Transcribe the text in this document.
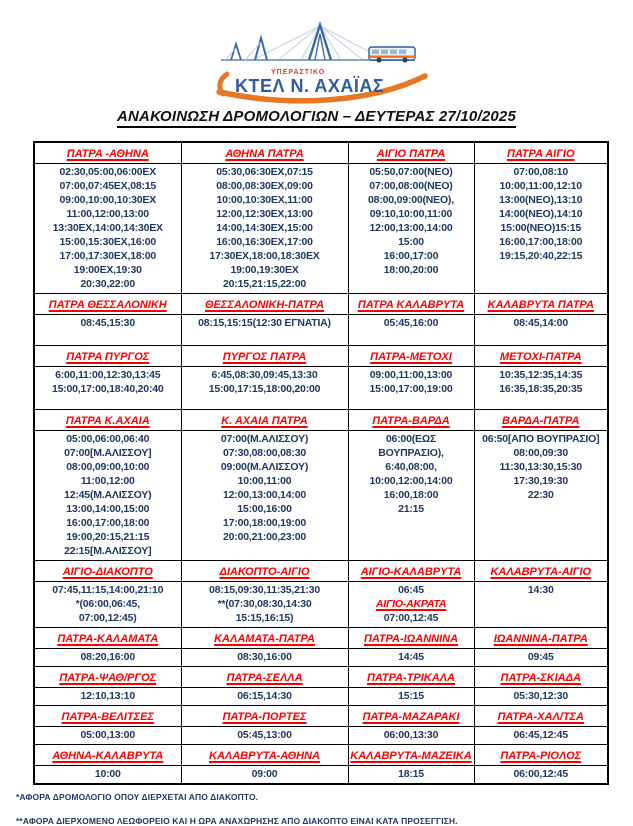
ΥΠΕΡΑΣΤΙΚΟ
ΚΤΕΛ Ν. ΑΧΑΪΑΣ
ΑΝΑΚΟΙΝΩΣΗ ΔΡΟΜΟΛΟΓΙΩΝ – ΔΕΥΤΕΡΑΣ 27/10/2025
ΠΑΤΡΑ -ΑΘΗΝΑ	ΑΘΗΝΑ ΠΑΤΡΑ	ΑΙΓΙΟ ΠΑΤΡΑ	ΠΑΤΡΑ ΑΙΓΙΟ

02:30,05:00,06:00EX
07:00,07:45EX,08:15
09:00,10:00,10:30EX
11:00,12:00,13:00
13:30EX,14:00,14:30EX
15:00,15:30EX,16:00
17:00,17:30EX,18:00
19:00EX,19:30
20:30,22:00

05:30,06:30EX,07:15
08:00,08:30EX,09:00
10:00,10:30EX,11:00
12:00,12:30EX,13:00
14:00,14:30EX,15:00
16:00,16:30EX,17:00
17:30EX,18:00,18:30EX
19:00,19:30EX
20:15,21:15,22:00

05:50,07:00(ΝΕΟ)
07:00,08:00(ΝΕΟ)
08:00,09:00(ΝΕΟ),
09:10,10:00,11:00
12:00,13:00,14:00
15:00
16:00,17:00
18:00,20:00

07:00,08:10
10:00,11:00,12:10
13:00(ΝΕΟ),13:10
14:00(ΝΕΟ),14:10
15:00(ΝΕΟ)15:15
16:00,17:00,18:00
19:15,20:40,22:15

ΠΑΤΡΑ ΘΕΣΣΑΛΟΝΙΚΗ	ΘΕΣΣΑΛΟΝΙΚΗ-ΠΑΤΡΑ	ΠΑΤΡΑ ΚΑΛΑΒΡΥΤΑ	ΚΑΛΑΒΡΥΤΑ ΠΑΤΡΑ

08:45,15:30	08:15,15:15(12:30 ΕΓΝΑΤΙΑ)	05:45,16:00	08:45,14:00

ΠΑΤΡΑ ΠΥΡΓΟΣ	ΠΥΡΓΟΣ ΠΑΤΡΑ	ΠΑΤΡΑ-ΜΕΤΟΧΙ	ΜΕΤΟΧΙ-ΠΑΤΡΑ

6:00,11:00,12:30,13:45
15:00,17:00,18:40,20:40

6:45,08:30,09:45,13:30
15:00,17:15,18:00,20:00

09:00,11:00,13:00
15:00,17:00,19:00

10:35,12:35,14:35
16:35,18:35,20:35

ΠΑΤΡΑ Κ.ΑΧΑΙΑ	Κ. ΑΧΑΙΑ ΠΑΤΡΑ	ΠΑΤΡΑ-ΒΑΡΔΑ	ΒΑΡΔΑ-ΠΑΤΡΑ

05:00,06:00,06:40
07:00[Μ.ΑΛΙΣΣΟΥ]
08:00,09:00,10:00
11:00,12:00
12:45(Μ.ΑΛΙΣΣΟΥ)
13:00,14:00,15:00
16:00,17:00,18:00
19:00,20:15,21:15
22:15[Μ.ΑΛΙΣΣΟΥ]

07:00(Μ.ΑΛΙΣΣΟΥ)
07:30,08:00,08:30
09:00(Μ.ΑΛΙΣΣΟΥ)
10:00,11:00
12:00,13:00,14:00
15:00,16:00
17:00,18:00,19:00
20:00,21:00,23:00

06:00(ΕΩΣ
ΒΟΥΠΡΑΣΙΟ),
6:40,08:00,
10:00,12:00,14:00
16:00,18:00
21:15

06:50[ΑΠΟ ΒΟΥΠΡΑΣΙΟ]
08:00,09:30
11:30,13:30,15:30
17:30,19:30
22:30

ΑΙΓΙΟ-ΔΙΑΚΟΠΤΟ	ΔΙΑΚΟΠΤΟ-ΑΙΓΙΟ	ΑΙΓΙΟ-ΚΑΛΑΒΡΥΤΑ	ΚΑΛΑΒΡΥΤΑ-ΑΙΓΙΟ

07:45,11:15,14:00,21:10
*(06:00,06:45,
07:00,12:45)

08:15,09:30,11:35,21:30
**(07:30,08:30,14:30
15:15,16:15)

06:45
ΑΙΓΙΟ-ΑΚΡΑΤΑ
07:00,12:45

14:30

ΠΑΤΡΑ-ΚΑΛΑΜΑΤΑ	ΚΑΛΑΜΑΤΑ-ΠΑΤΡΑ	ΠΑΤΡΑ-ΙΩΑΝΝΙΝΑ	ΙΩΑΝΝΙΝΑ-ΠΑΤΡΑ

08:20,16:00	08:30,16:00	14:45	09:45

ΠΑΤΡΑ-ΨΑΘ/ΡΓΟΣ	ΠΑΤΡΑ-ΣΕΛΛΑ	ΠΑΤΡΑ-ΤΡΙΚΑΛΑ	ΠΑΤΡΑ-ΣΚΙΑΔΑ

12:10,13:10	06:15,14:30	15:15	05:30,12:30

ΠΑΤΡΑ-ΒΕΛΙΤΣΕΣ	ΠΑΤΡΑ-ΠΟΡΤΕΣ	ΠΑΤΡΑ-ΜΑΖΑΡΑΚΙ	ΠΑΤΡΑ-ΧΑΛ/ΤΣΑ

05:00,13:00	05:45,13:00	06:00,13:30	06:45,12:45

ΑΘΗΝΑ-ΚΑΛΑΒΡΥΤΑ	ΚΑΛΑΒΡΥΤΑ-ΑΘΗΝΑ	ΚΑΛΑΒΡΥΤΑ-ΜΑΖΕΙΚΑ	ΠΑΤΡΑ-ΡΙΟΛΟΣ

10:00	09:00	18:15	06:00,12:45

*ΑΦΟΡΑ ΔΡΟΜΟΛΟΓΙΟ ΟΠΟΥ ΔΙΕΡΧΕΤΑΙ ΑΠΟ ΔΙΑΚΟΠΤΟ.

**ΑΦΟΡΑ ΔΙΕΡΧΟΜΕΝΟ ΛΕΩΦΟΡΕΙΟ ΚΑΙ Η ΩΡΑ ΑΝΑΧΩΡΗΣΗΣ ΑΠΟ ΔΙΑΚΟΠΤΟ ΕΙΝΑΙ ΚΑΤΑ ΠΡΟΣΕΓΓΙΣΗ.
